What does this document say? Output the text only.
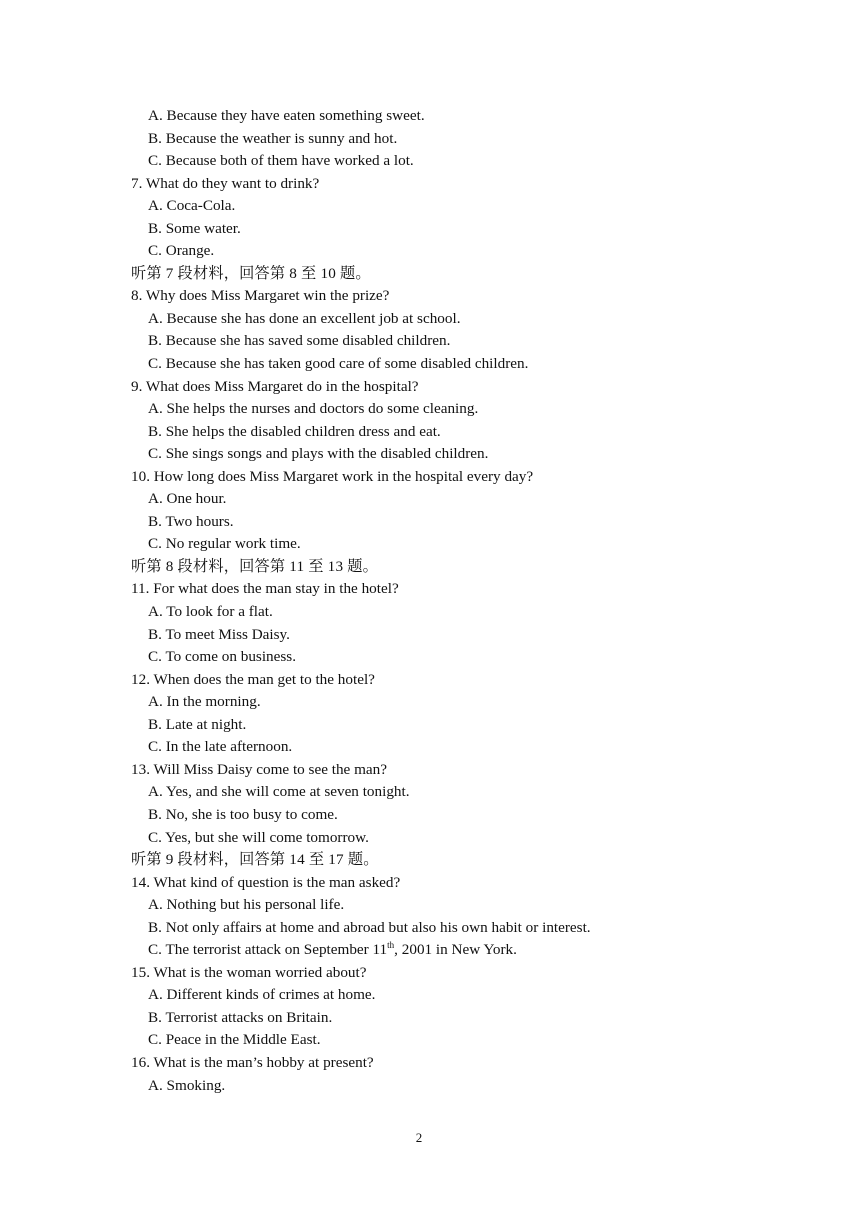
A. Because they have eaten something sweet.
B. Because the weather is sunny and hot.
C. Because both of them have worked a lot.
7. What do they want to drink?
A. Coca-Cola.
B. Some water.
C. Orange.
听第 7 段材料，回答第 8 至 10 题。
8. Why does Miss Margaret win the prize?
A. Because she has done an excellent job at school.
B. Because she has saved some disabled children.
C. Because she has taken good care of some disabled children.
9. What does Miss Margaret do in the hospital?
A. She helps the nurses and doctors do some cleaning.
B. She helps the disabled children dress and eat.
C. She sings songs and plays with the disabled children.
10. How long does Miss Margaret work in the hospital every day?
A. One hour.
B. Two hours.
C. No regular work time.
听第 8 段材料，回答第 11 至 13 题。
11. For what does the man stay in the hotel?
A. To look for a flat.
B. To meet Miss Daisy.
C. To come on business.
12. When does the man get to the hotel?
A. In the morning.
B. Late at night.
C. In the late afternoon.
13. Will Miss Daisy come to see the man?
A. Yes, and she will come at seven tonight.
B. No, she is too busy to come.
C. Yes, but she will come tomorrow.
听第 9 段材料，回答第 14 至 17 题。
14. What kind of question is the man asked?
A. Nothing but his personal life.
B. Not only affairs at home and abroad but also his own habit or interest.
C. The terrorist attack on September 11th, 2001 in New York.
15. What is the woman worried about?
A. Different kinds of crimes at home.
B. Terrorist attacks on Britain.
C. Peace in the Middle East.
16. What is the man’s hobby at present?
A. Smoking.
2
